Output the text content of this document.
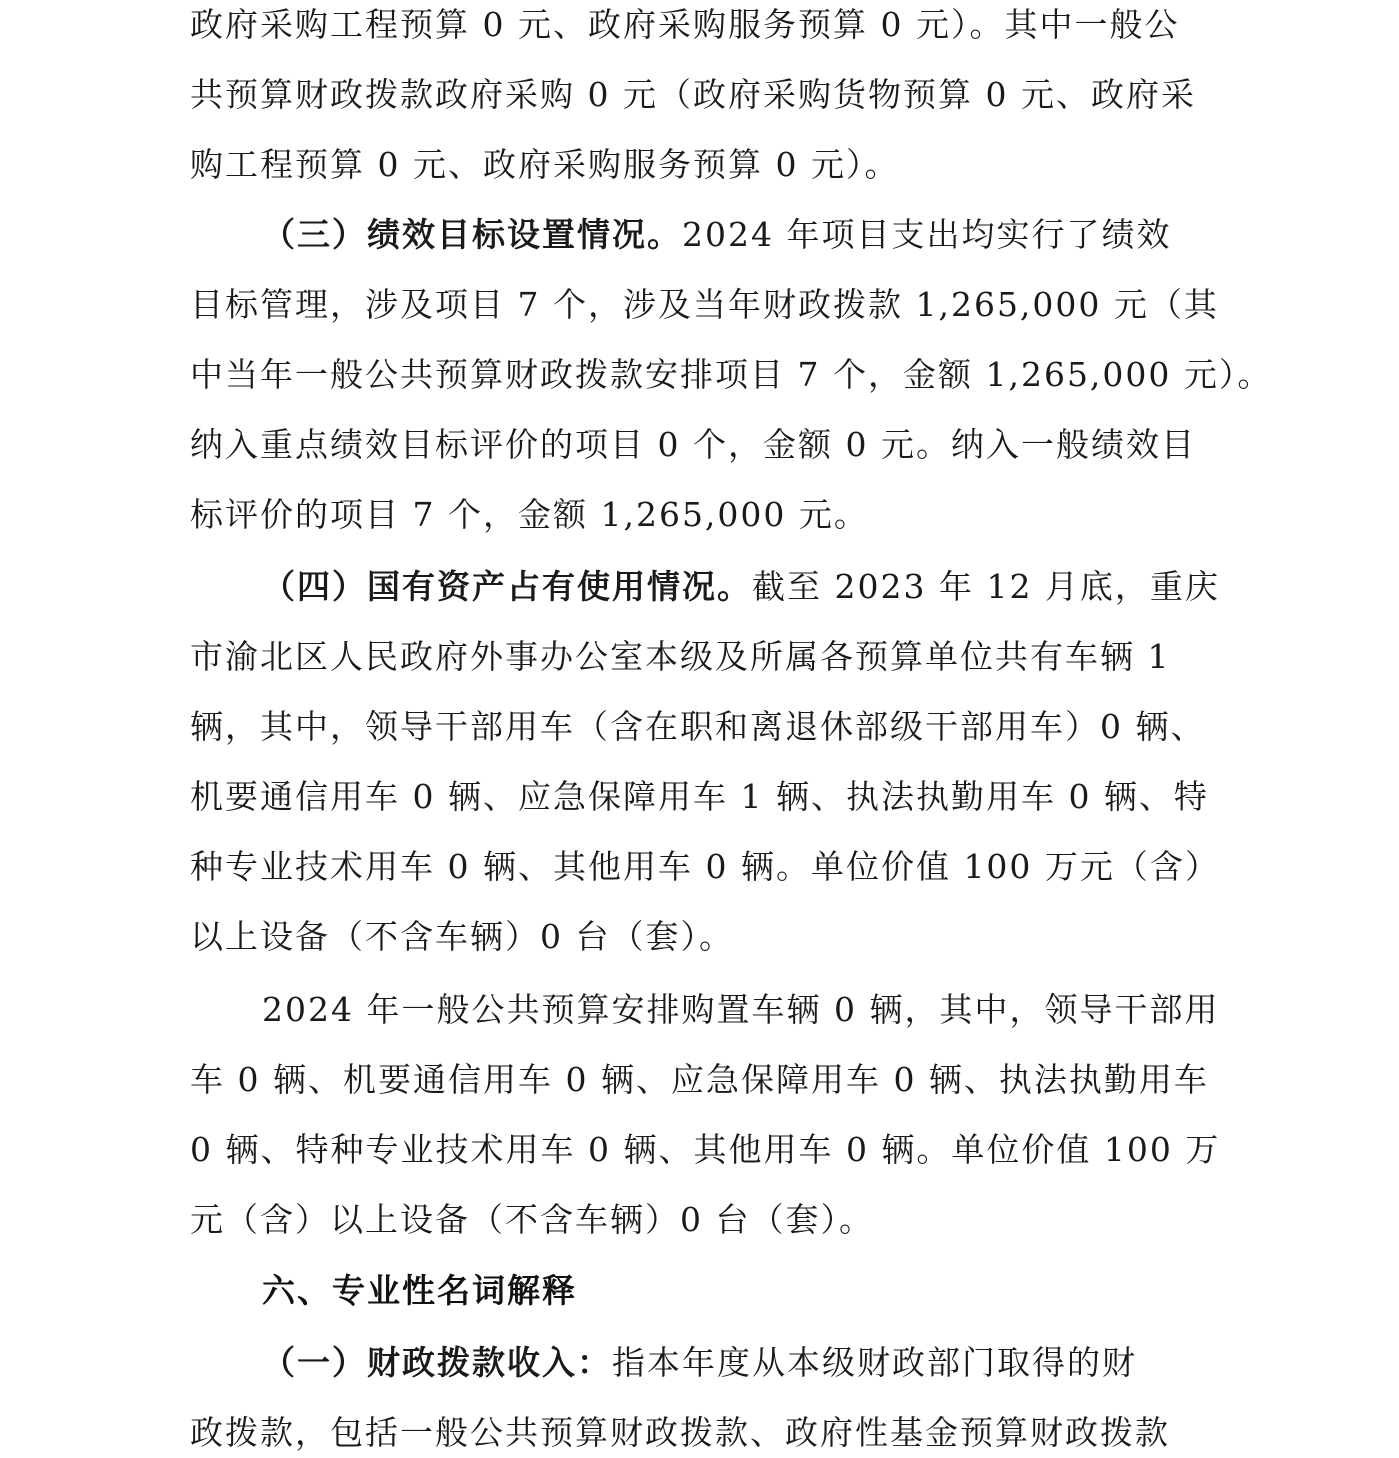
政府采购工程预算 0 元、政府采购服务预算 0 元）。其中一般公
共预算财政拨款政府采购 0 元（政府采购货物预算 0 元、政府采
购工程预算 0 元、政府采购服务预算 0 元）。
（三）绩效目标设置情况。2024 年项目支出均实行了绩效
目标管理，涉及项目 7 个，涉及当年财政拨款 1,265,000 元（其
中当年一般公共预算财政拨款安排项目 7 个，金额 1,265,000 元）。
纳入重点绩效目标评价的项目 0 个，金额 0 元。纳入一般绩效目
标评价的项目 7 个，金额 1,265,000 元。
（四）国有资产占有使用情况。截至 2023 年 12 月底，重庆
市渝北区人民政府外事办公室本级及所属各预算单位共有车辆 1
辆，其中，领导干部用车（含在职和离退休部级干部用车）0 辆、
机要通信用车 0 辆、应急保障用车 1 辆、执法执勤用车 0 辆、特
种专业技术用车 0 辆、其他用车 0 辆。单位价值 100 万元（含）
以上设备（不含车辆）0 台（套）。
2024 年一般公共预算安排购置车辆 0 辆，其中，领导干部用
车 0 辆、机要通信用车 0 辆、应急保障用车 0 辆、执法执勤用车
0 辆、特种专业技术用车 0 辆、其他用车 0 辆。单位价值 100 万
元（含）以上设备（不含车辆）0 台（套）。
六、专业性名词解释
（一）财政拨款收入：指本年度从本级财政部门取得的财
政拨款，包括一般公共预算财政拨款、政府性基金预算财政拨款
